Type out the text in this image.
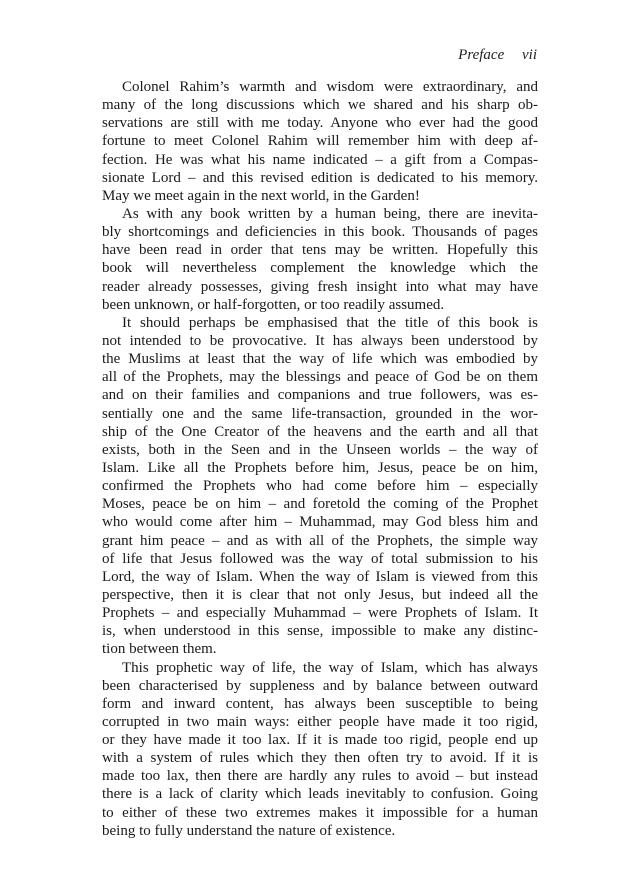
Preface vii
Colonel Rahim’s warmth and wisdom were extraordinary, and
many of the long discussions which we shared and his sharp ob-
servations are still with me today. Anyone who ever had the good
fortune to meet Colonel Rahim will remember him with deep af-
fection. He was what his name indicated – a gift from a Compas-
sionate Lord – and this revised edition is dedicated to his memory.
May we meet again in the next world, in the Garden!
As with any book written by a human being, there are inevita-
bly shortcomings and deficiencies in this book. Thousands of pages
have been read in order that tens may be written. Hopefully this
book will nevertheless complement the knowledge which the
reader already possesses, giving fresh insight into what may have
been unknown, or half-forgotten, or too readily assumed.
It should perhaps be emphasised that the title of this book is
not intended to be provocative. It has always been understood by
the Muslims at least that the way of life which was embodied by
all of the Prophets, may the blessings and peace of God be on them
and on their families and companions and true followers, was es-
sentially one and the same life-transaction, grounded in the wor-
ship of the One Creator of the heavens and the earth and all that
exists, both in the Seen and in the Unseen worlds – the way of
Islam. Like all the Prophets before him, Jesus, peace be on him,
confirmed the Prophets who had come before him – especially
Moses, peace be on him – and foretold the coming of the Prophet
who would come after him – Muhammad, may God bless him and
grant him peace – and as with all of the Prophets, the simple way
of life that Jesus followed was the way of total submission to his
Lord, the way of Islam. When the way of Islam is viewed from this
perspective, then it is clear that not only Jesus, but indeed all the
Prophets – and especially Muhammad – were Prophets of Islam. It
is, when understood in this sense, impossible to make any distinc-
tion between them.
This prophetic way of life, the way of Islam, which has always
been characterised by suppleness and by balance between outward
form and inward content, has always been susceptible to being
corrupted in two main ways: either people have made it too rigid,
or they have made it too lax. If it is made too rigid, people end up
with a system of rules which they then often try to avoid. If it is
made too lax, then there are hardly any rules to avoid – but instead
there is a lack of clarity which leads inevitably to confusion. Going
to either of these two extremes makes it impossible for a human
being to fully understand the nature of existence.
